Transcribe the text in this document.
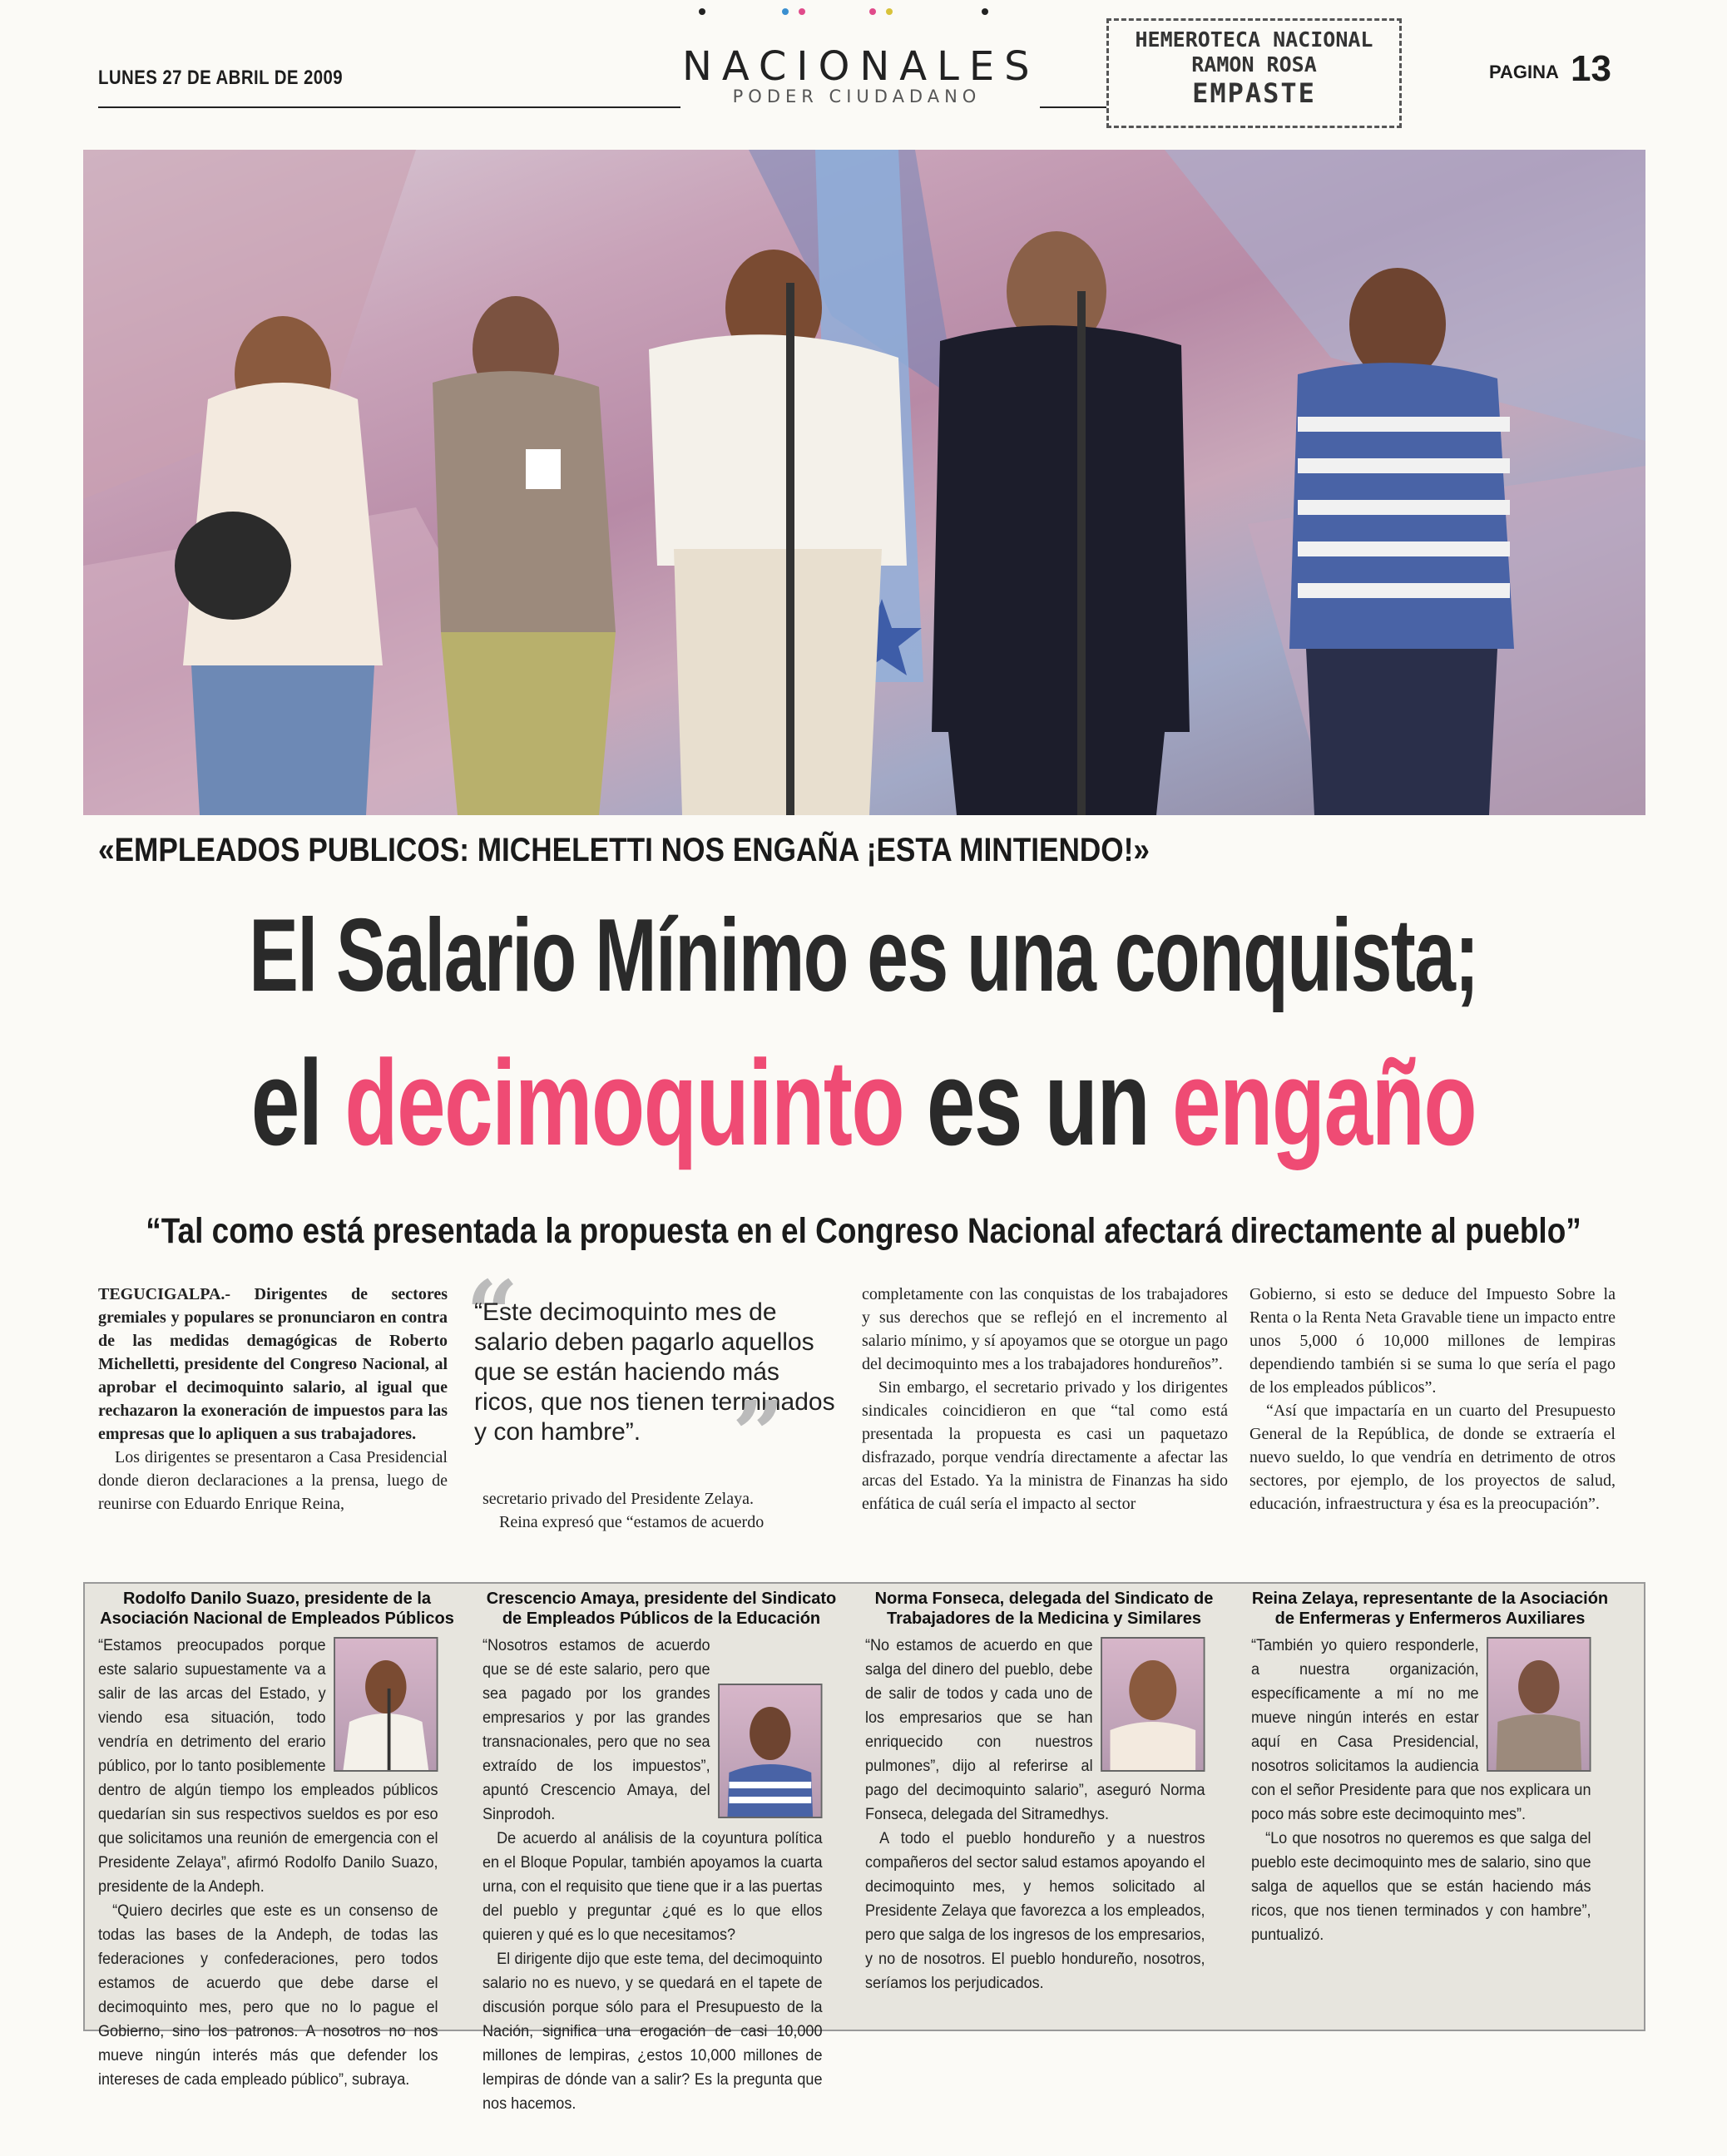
LUNES 27 DE ABRIL DE 2009	NACIONALES
PODER CIUDADANO
HEMEROTECA NACIONAL
RAMON ROSA
EMPASTE
PAGINA 13
«EMPLEADOS PUBLICOS: MICHELETTI NOS ENGAÑA ¡ESTA MINTIENDO!»
El Salario Mínimo es una conquista;
el decimoquinto es un engaño
“Tal como está presentada la propuesta en el Congreso Nacional afectará directamente al pueblo”

TEGUCIGALPA.- Dirigentes de sectores gremiales y populares se pronunciaron en contra de las medidas demagógicas de Roberto Michelletti, presidente del Congreso Nacional, al aprobar el decimoquinto salario, al igual que rechazaron la exoneración de impuestos para las empresas que lo apliquen a sus trabajadores.

Los dirigentes se presentaron a Casa Presidencial donde dieron declaraciones a la prensa, luego de reunirse con Eduardo Enrique Reina,

“
“Este decimoquinto mes de salario deben pagarlo aquellos que se están haciendo más ricos, que nos tienen terminados y con hambre”. ”

secretario privado del Presidente Zelaya.

Reina expresó que “estamos de acuerdo

completamente con las conquistas de los trabajadores y sus derechos que se reflejó en el incremento al salario mínimo, y sí apoyamos que se otorgue un pago del decimoquinto mes a los trabajadores hondureños”.

Sin embargo, el secretario privado y los dirigentes sindicales coincidieron en que “tal como está presentada la propuesta es casi un paquetazo disfrazado, porque vendría directamente a afectar las arcas del Estado. Ya la ministra de Finanzas ha sido enfática de cuál sería el impacto al sector

Gobierno, si esto se deduce del Impuesto Sobre la Renta o la Renta Neta Gravable tiene un impacto entre unos 5,000 ó 10,000 millones de lempiras dependiendo también si se suma lo que sería el pago de los empleados públicos”.

“Así que impactaría en un cuarto del Presupuesto General de la República, de donde se extraería el nuevo sueldo, lo que vendría en detrimento de otros sectores, por ejemplo, de los proyectos de salud, educación, infraestructura y ésa es la preocupación”.

Rodolfo Danilo Suazo, presidente de la Asociación Nacional de Empleados Públicos

“Estamos preocupados porque este salario supuestamente va a salir de las arcas del Estado, y viendo esa situación, todo vendría en detrimento del erario público, por lo tanto posiblemente dentro de algún tiempo los empleados públicos quedarían sin sus respectivos sueldos es por eso que solicitamos una reunión de emergencia con el Presidente Zelaya”, afirmó Rodolfo Danilo Suazo, presidente de la Andeph.

“Quiero decirles que este es un consenso de todas las bases de la Andeph, de todas las federaciones y confederaciones, pero todos estamos de acuerdo que debe darse el decimoquinto mes, pero que no lo pague el Gobierno, sino los patronos. A nosotros no nos mueve ningún interés más que defender los intereses de cada empleado público”, subraya.

Crescencio Amaya, presidente del Sindicato de Empleados Públicos de la Educación

“Nosotros estamos de acuerdo que se dé este salario, pero que sea pagado por los grandes empresarios y por las grandes transnacionales, pero que no sea extraído de los impuestos”, apuntó Crescencio Amaya, del Sinprodoh.

De acuerdo al análisis de la coyuntura política en el Bloque Popular, también apoyamos la cuarta urna, con el requisito que tiene que ir a las puertas del pueblo y preguntar ¿qué es lo que ellos quieren y qué es lo que necesitamos?

El dirigente dijo que este tema, del decimoquinto salario no es nuevo, y se quedará en el tapete de discusión porque sólo para el Presupuesto de la Nación, significa una erogación de casi 10,000 millones de lempiras, ¿estos 10,000 millones de lempiras de dónde van a salir? Es la pregunta que nos hacemos.

Norma Fonseca, delegada del Sindicato de Trabajadores de la Medicina y Similares

“No estamos de acuerdo en que salga del dinero del pueblo, debe de salir de todos y cada uno de los empresarios que se han enriquecido con nuestros pulmones”, dijo al referirse al pago del decimoquinto salario”, aseguró Norma Fonseca, delegada del Sitramedhys.

A todo el pueblo hondureño y a nuestros compañeros del sector salud estamos apoyando el decimoquinto mes, y hemos solicitado al Presidente Zelaya que favorezca a los empleados, pero que salga de los ingresos de los empresarios, y no de nosotros. El pueblo hondureño, nosotros, seríamos los perjudicados.

Reina Zelaya, representante de la Asociación de Enfermeras y Enfermeros Auxiliares

“También yo quiero responderle, a nuestra organización, específicamente a mí no me mueve ningún interés en estar aquí en Casa Presidencial, nosotros solicitamos la audiencia con el señor Presidente para que nos explicara un poco más sobre este decimoquinto mes”.

“Lo que nosotros no queremos es que salga del pueblo este decimoquinto mes de salario, sino que salga de aquellos que se están haciendo más ricos, que nos tienen terminados y con hambre”, puntualizó.
